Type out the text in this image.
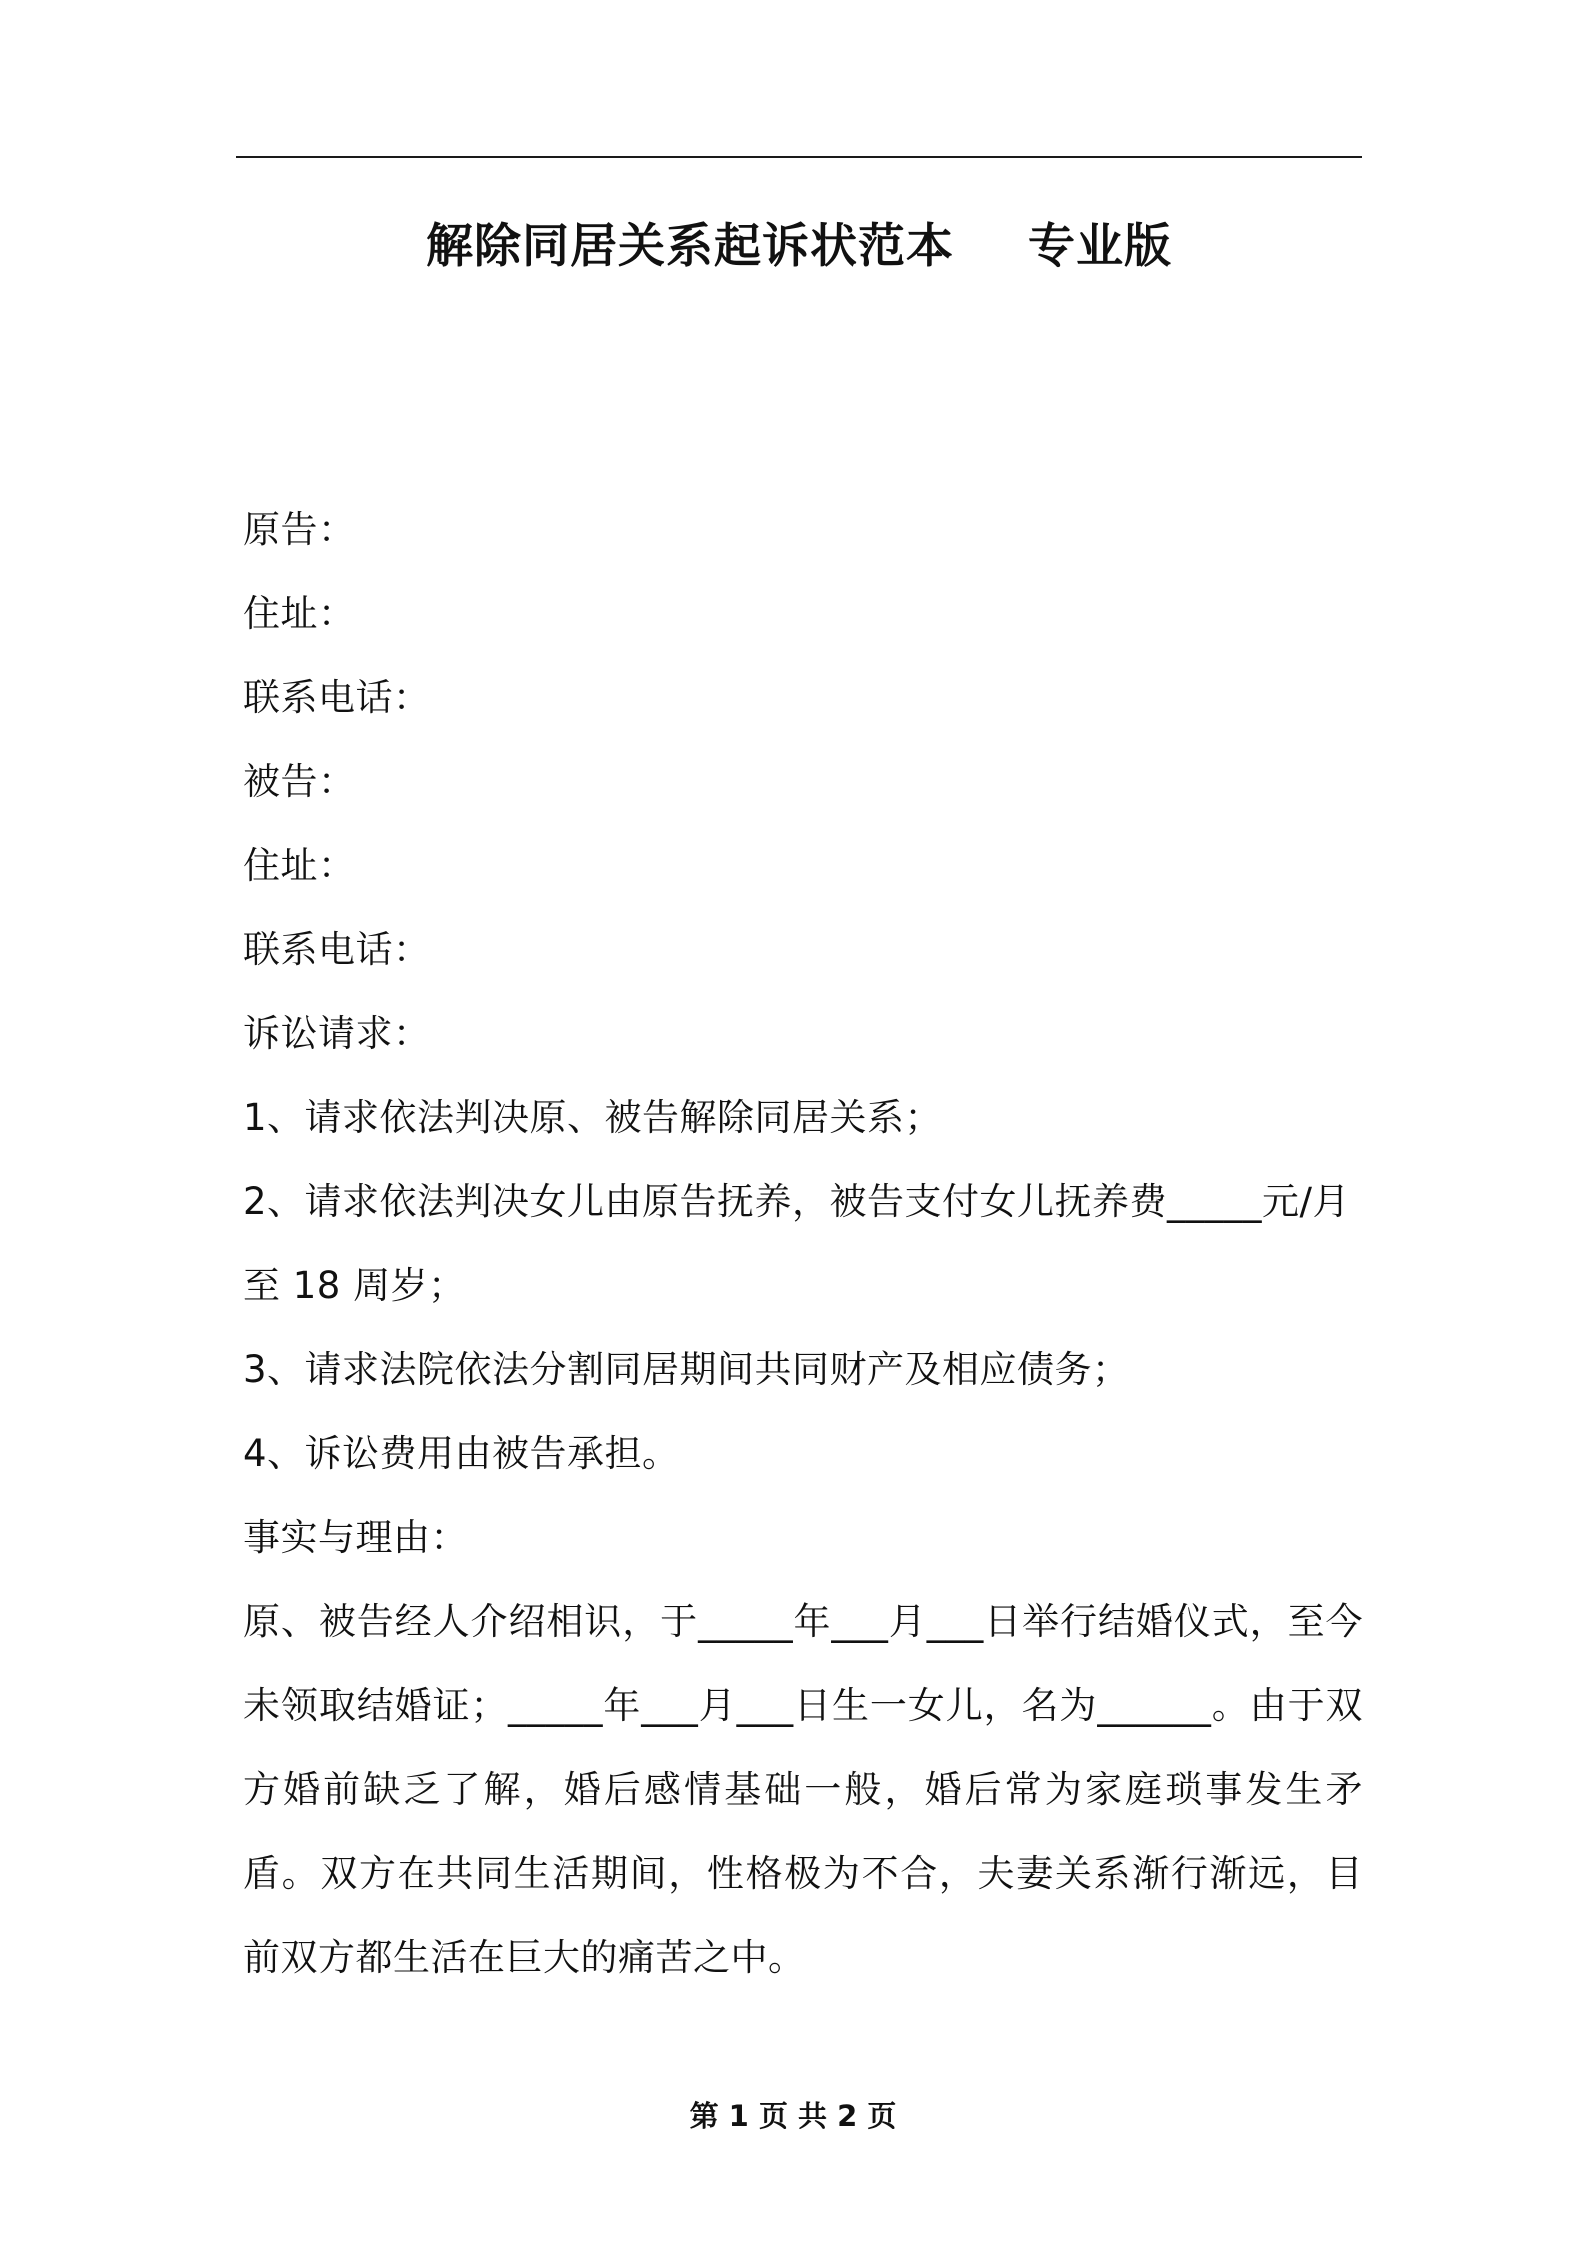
解除同居关系起诉状范本 专业版
原告：
住址：
联系电话：
被告：
住址：
联系电话：
诉讼请求：
1、请求依法判决原、被告解除同居关系；
2、请求依法判决女儿由原告抚养，被告支付女儿抚养费_____元/月
至 18 周岁；
3、请求法院依法分割同居期间共同财产及相应债务；
4、诉讼费用由被告承担。
事实与理由：
原、被告经人介绍相识，于_____年___月___日举行结婚仪式，至今未领取结婚证；_____年___月___日生一女儿，名为______。由于双方婚前缺乏了解，婚后感情基础一般，婚后常为家庭琐事发生矛盾。双方在共同生活期间，性格极为不合，夫妻关系渐行渐远，目前双方都生活在巨大的痛苦之中。
第 1 页 共 2 页
